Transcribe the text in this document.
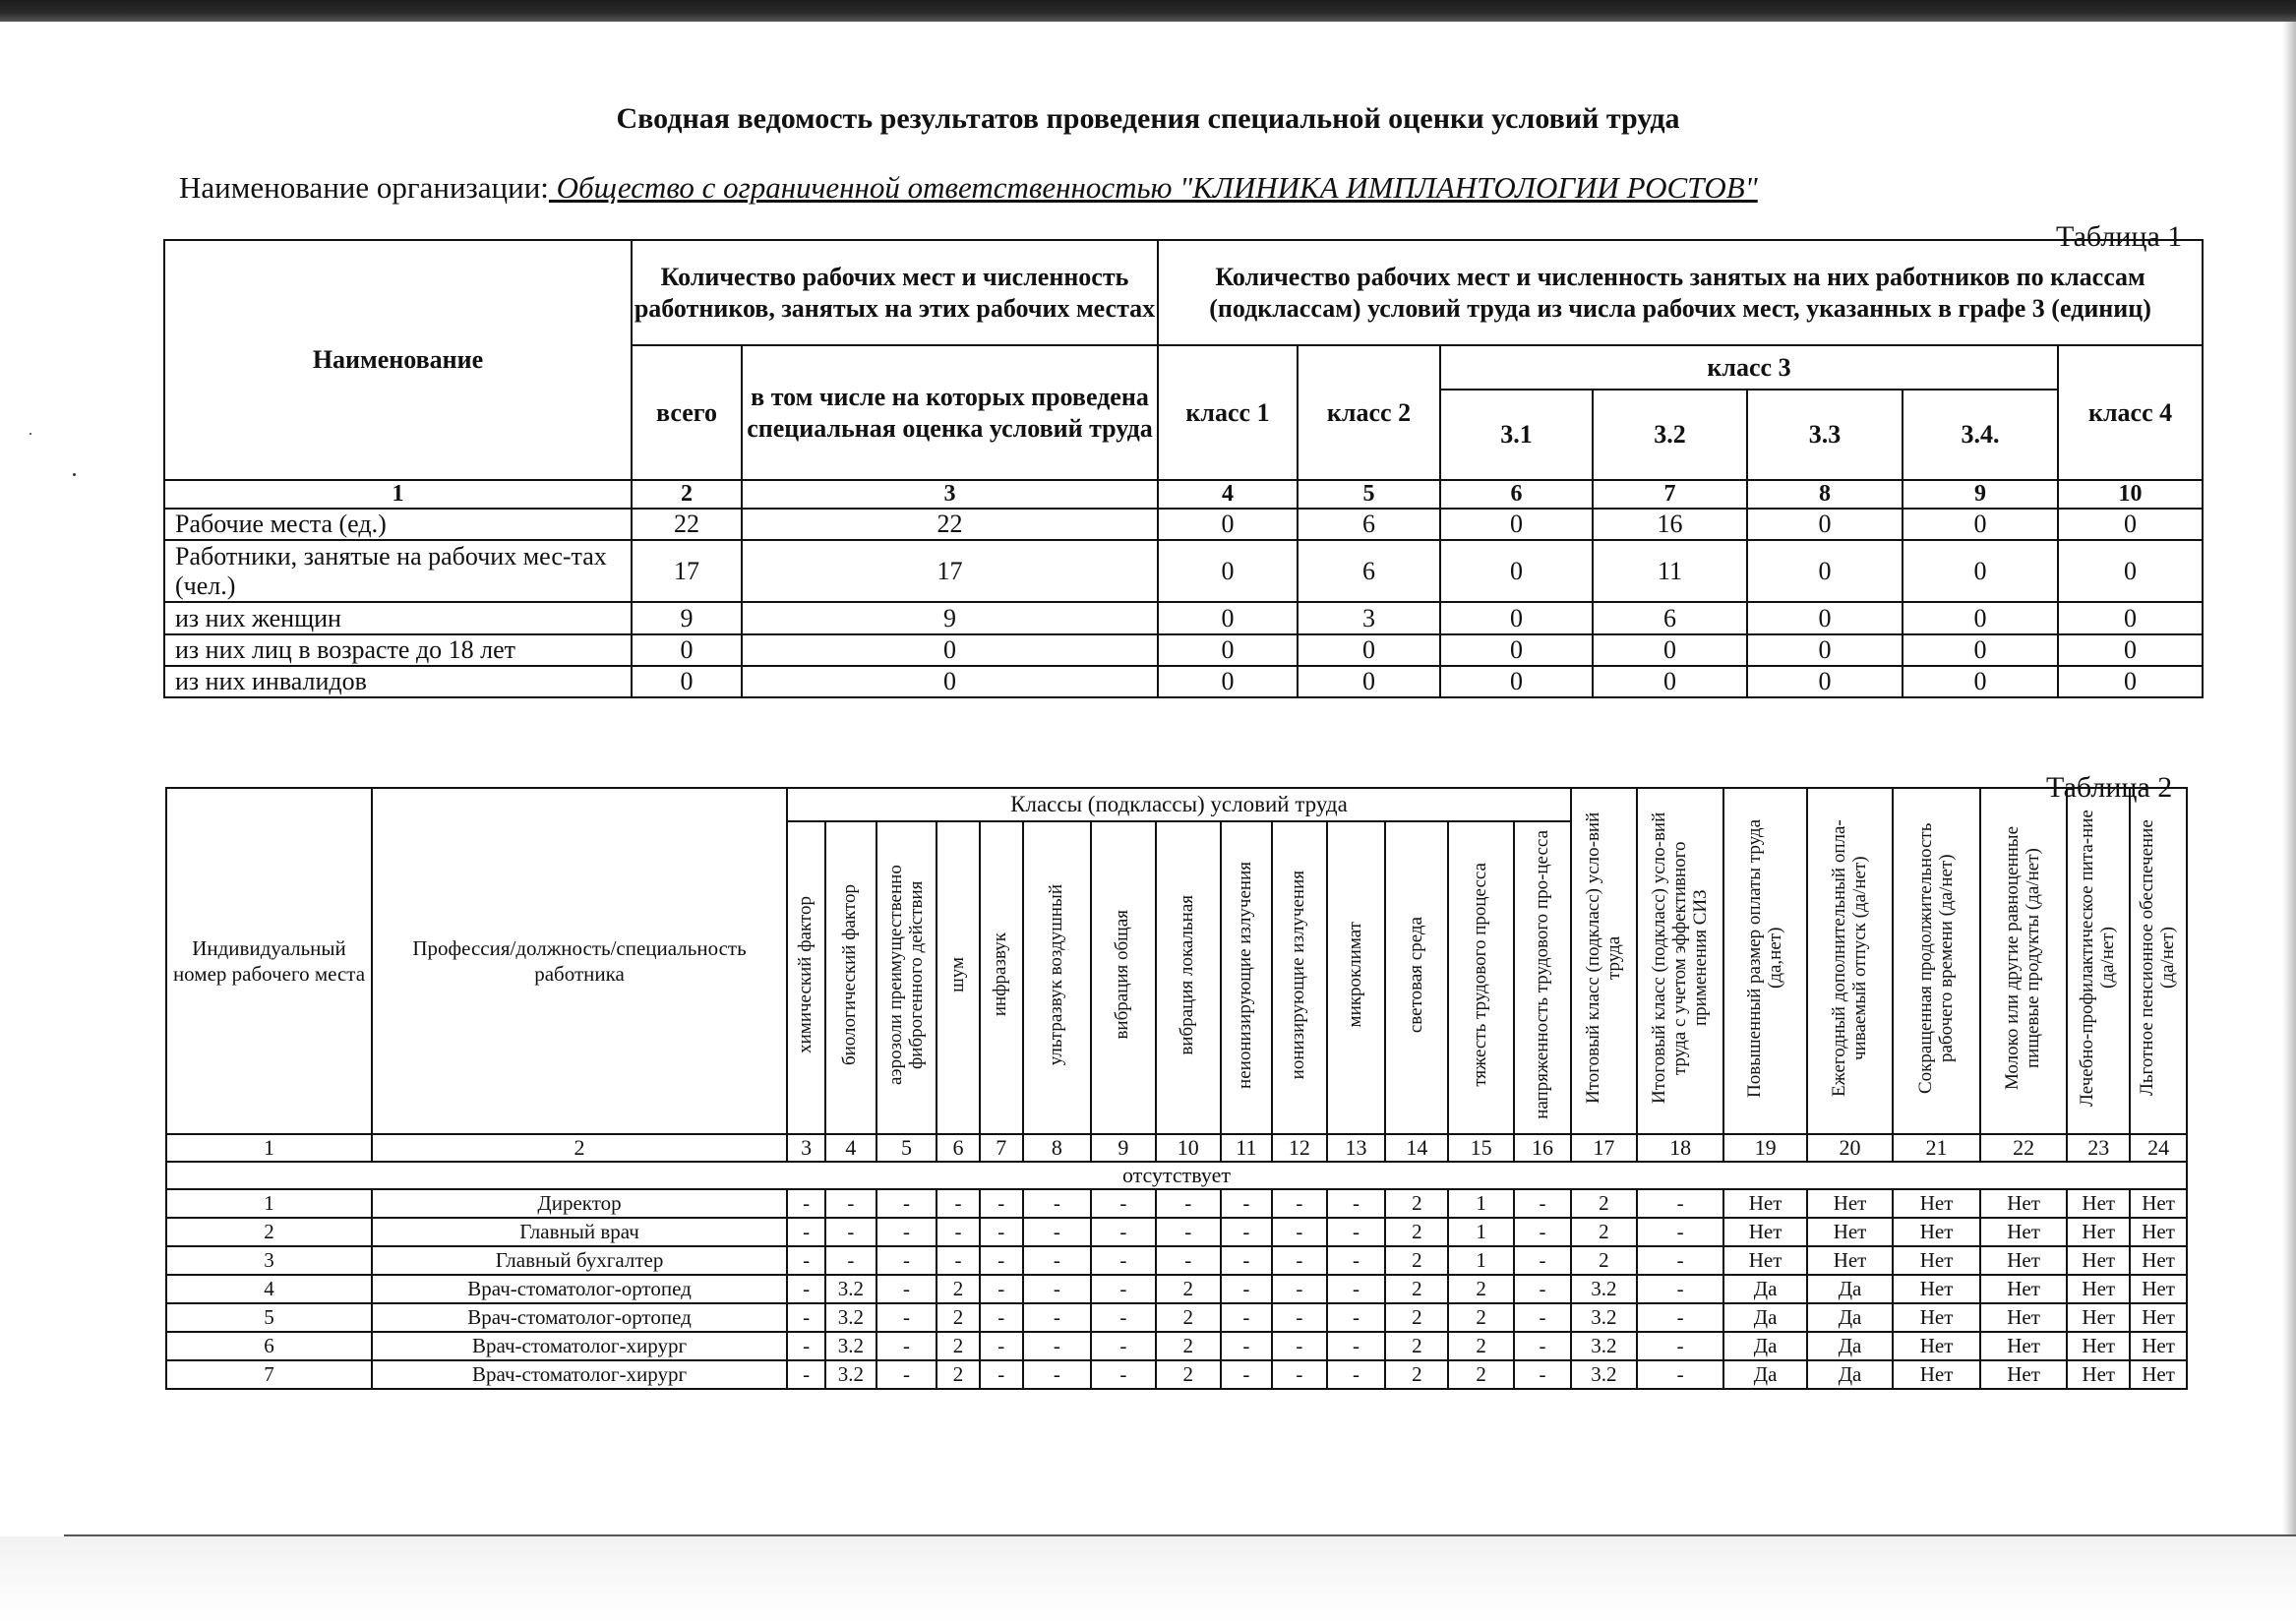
Сводная ведомость результатов проведения специальной оценки условий труда
Наименование организации: Общество с ограниченной ответственностью "КЛИНИКА ИМПЛАНТОЛОГИИ РОСТОВ"
Таблица 1
Наименование	Количество рабочих мест и численность работников, занятых на этих рабочих местах		Количество рабочих мест и численность занятых на них работников по классам (подклассам) условий труда из числа рабочих мест, указанных в графе 3 (единиц)						
	всего	в том числе на которых проведена специальная оценка условий труда	класс 1	класс 2	класс 3				класс 4
					3.1	3.2	3.3	3.4.	
1	2	3	4	5	6	7	8	9	10
Рабочие места (ед.)	22	22	0	6	0	16	0	0	0
Работники, занятые на рабочих мес-тах (чел.)	17	17	0	6	0	11	0	0	0
из них женщин	9	9	0	3	0	6	0	0	0
из них лиц в возрасте до 18 лет	0	0	0	0	0	0	0	0	0
из них инвалидов	0	0	0	0	0	0	0	0	0
Таблица 2
Индивидуальный номер рабочего места	Профессия/должность/специальность работника	Классы (подклассы) условий труда														Итоговый класс (подкласс) усло-вий труда	Итоговый класс (подкласс) усло-вий труда с учетом эффективного применения СИЗ	Повышенный размер оплаты труда (да,нет)	Ежегодный дополнительный опла-чиваемый отпуск (да/нет)	Сокращенная продолжительность рабочего времени (да/нет)	Молоко или другие равноценные пищевые продукты (да/нет)	Лечебно-профилактическое пита-ние (да/нет)	Льготное пенсионное обеспечение (да/нет)
		химический фактор	биологический фактор	аэрозоли преимущественно фиброгенного действия	шум	инфразвук	ультразвук воздушный	вибрация общая	вибрация локальная	неионизирующие излучения	ионизирующие излучения	микроклимат	световая среда	тяжесть трудового процесса	напряженность трудового про-цесса								
1	2	3	4	5	6	7	8	9	10	11	12	13	14	15	16	17	18	19	20	21	22	23	24
отсутствует																							
1	Директор	-	-	-	-	-	-	-	-	-	-	-	2	1	-	2	-	Нет	Нет	Нет	Нет	Нет	Нет
2	Главный врач	-	-	-	-	-	-	-	-	-	-	-	2	1	-	2	-	Нет	Нет	Нет	Нет	Нет	Нет
3	Главный бухгалтер	-	-	-	-	-	-	-	-	-	-	-	2	1	-	2	-	Нет	Нет	Нет	Нет	Нет	Нет
4	Врач-стоматолог-ортопед	-	3.2	-	2	-	-	-	2	-	-	-	2	2	-	3.2	-	Да	Да	Нет	Нет	Нет	Нет
5	Врач-стоматолог-ортопед	-	3.2	-	2	-	-	-	2	-	-	-	2	2	-	3.2	-	Да	Да	Нет	Нет	Нет	Нет
6	Врач-стоматолог-хирург	-	3.2	-	2	-	-	-	2	-	-	-	2	2	-	3.2	-	Да	Да	Нет	Нет	Нет	Нет
7	Врач-стоматолог-хирург	-	3.2	-	2	-	-	-	2	-	-	-	2	2	-	3.2	-	Да	Да	Нет	Нет	Нет	Нет
